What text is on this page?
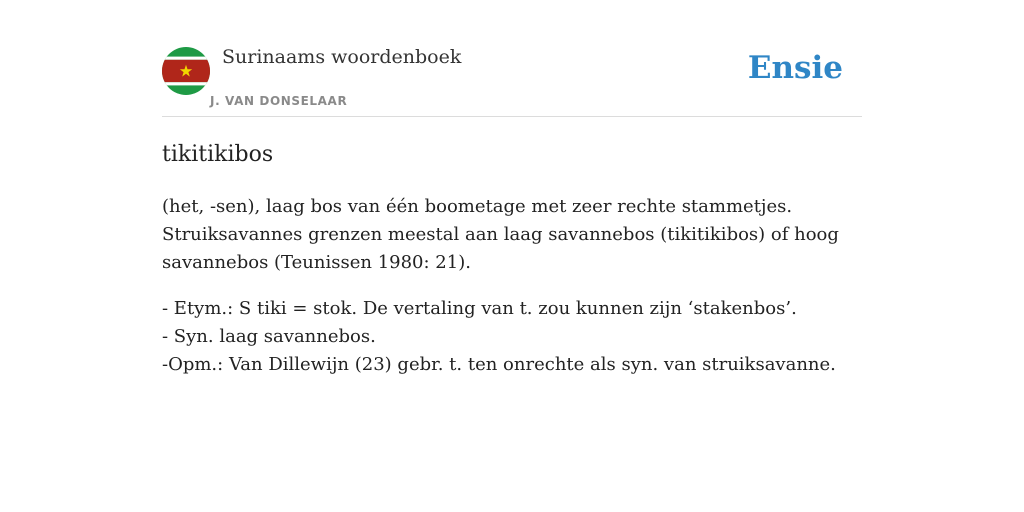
Surinaams woordenboek
J. VAN DONSELAAR
Ensie
tikitikibos

(het, -sen), laag bos van één boometage met zeer rechte stammetjes.
Struiksavannes grenzen meestal aan laag savannebos (tikitikibos) of hoog
savannebos (Teunissen 1980: 21).

- Etym.: S tiki = stok. De vertaling van t. zou kunnen zijn ‘stakenbos’.
- Syn. laag savannebos.
-Opm.: Van Dillewijn (23) gebr. t. ten onrechte als syn. van struiksavanne.
